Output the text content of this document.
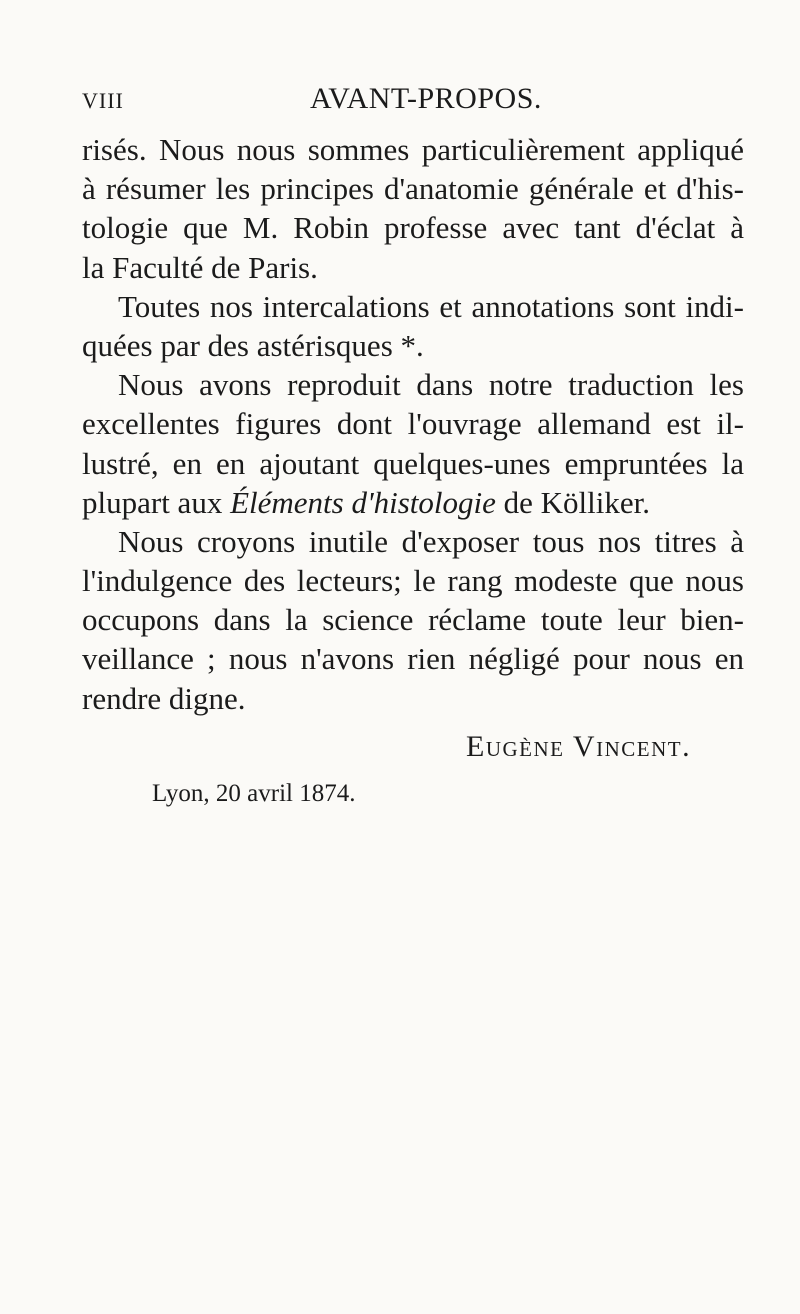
VIII	AVANT-PROPOS.
risés. Nous nous sommes particulièrement appliqué
à résumer les principes d'anatomie générale et d'his-
tologie que M. Robin professe avec tant d'éclat à
la Faculté de Paris.
Toutes nos intercalations et annotations sont indi-
quées par des astérisques *.
Nous avons reproduit dans notre traduction les
excellentes figures dont l'ouvrage allemand est il-
lustré, en en ajoutant quelques-unes empruntées la
plupart aux Éléments d'histologie de Kölliker.
Nous croyons inutile d'exposer tous nos titres à
l'indulgence des lecteurs; le rang modeste que nous
occupons dans la science réclame toute leur bien-
veillance ; nous n'avons rien négligé pour nous en
rendre digne.
Eugène Vincent.
Lyon, 20 avril 1874.
